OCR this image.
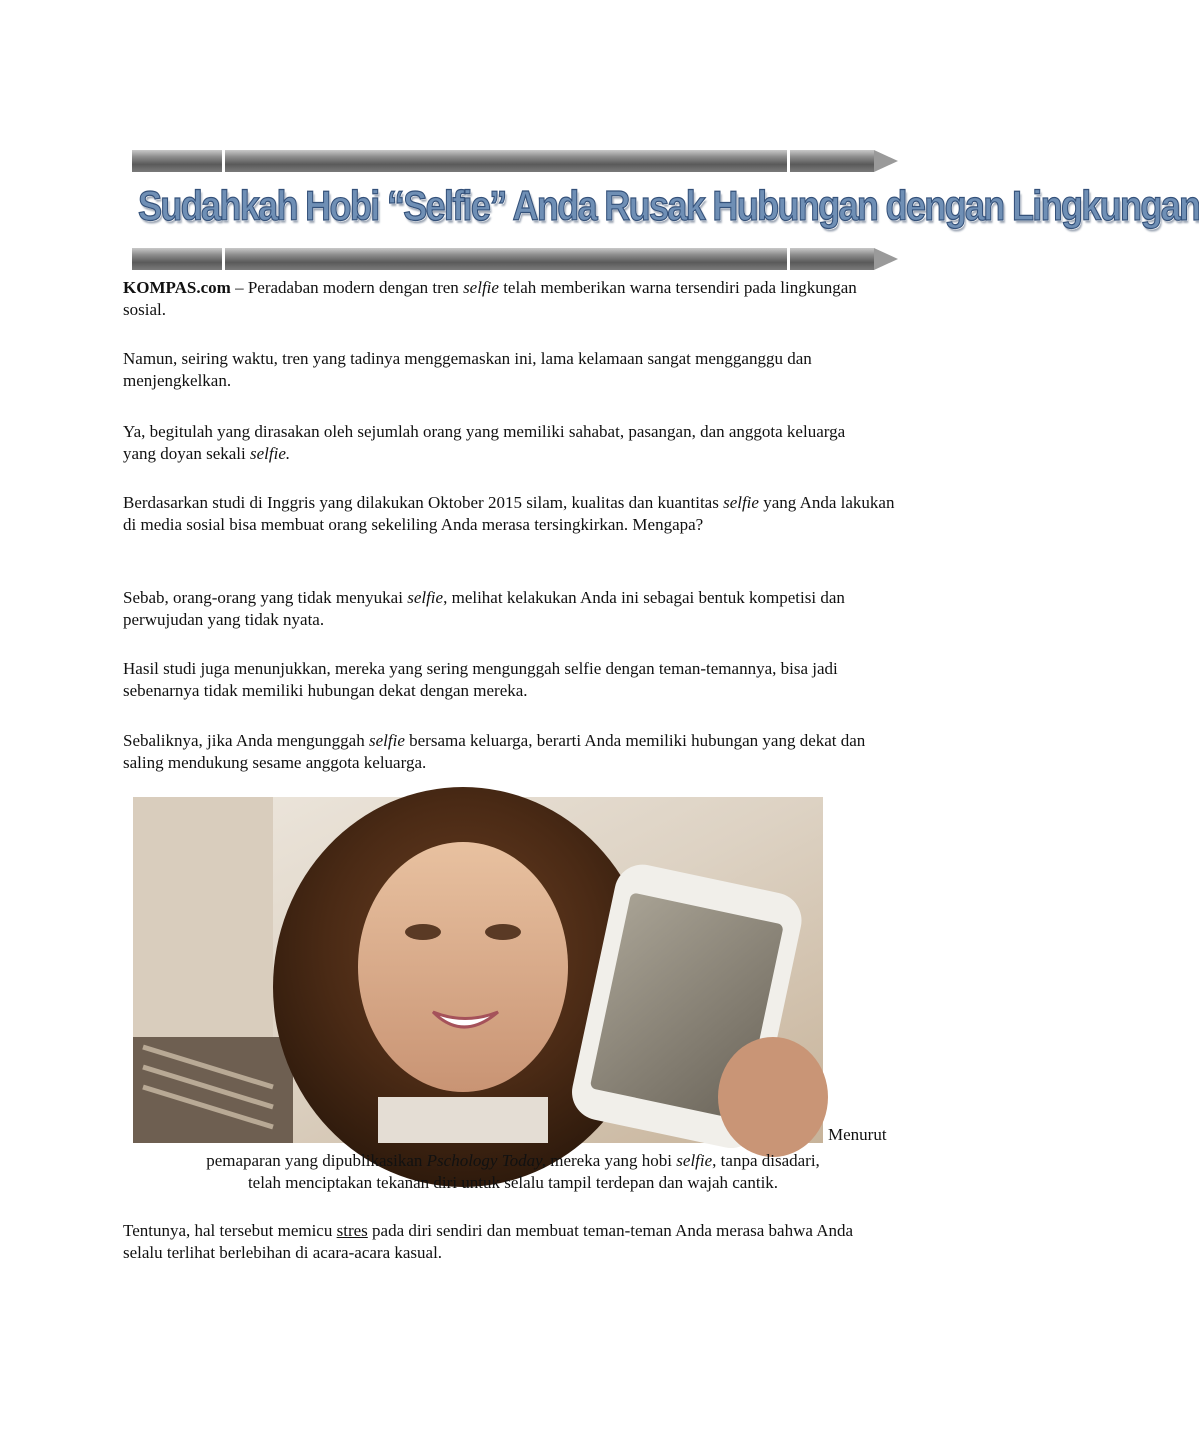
Sudahkah Hobi “Selfie” Anda Rusak Hubungan dengan Lingkungan

KOMPAS.com – Peradaban modern dengan tren selfie telah memberikan warna tersendiri pada lingkungan sosial.

Namun, seiring waktu, tren yang tadinya menggemaskan ini, lama kelamaan sangat mengganggu dan menjengkelkan.

Ya, begitulah yang dirasakan oleh sejumlah orang yang memiliki sahabat, pasangan, dan anggota keluarga yang doyan sekali selfie.

Berdasarkan studi di Inggris yang dilakukan Oktober 2015 silam, kualitas dan kuantitas selfie yang Anda lakukan di media sosial bisa membuat orang sekeliling Anda merasa tersingkirkan. Mengapa?

Sebab, orang-orang yang tidak menyukai selfie, melihat kelakukan Anda ini sebagai bentuk kompetisi dan perwujudan yang tidak nyata.

Hasil studi juga menunjukkan, mereka yang sering mengunggah selfie dengan teman-temannya, bisa jadi sebenarnya tidak memiliki hubungan dekat dengan mereka.

Sebaliknya, jika Anda mengunggah selfie bersama keluarga, berarti Anda memiliki hubungan yang dekat dan saling mendukung sesame anggota keluarga.

Menurut

pemaparan yang dipublikasikan Pschology Today, mereka yang hobi selfie, tanpa disadari,

telah menciptakan tekanan diri untuk selalu tampil terdepan dan wajah cantik.

Tentunya, hal tersebut memicu stres pada diri sendiri dan membuat teman-teman Anda merasa bahwa Anda selalu terlihat berlebihan di acara-acara kasual.
